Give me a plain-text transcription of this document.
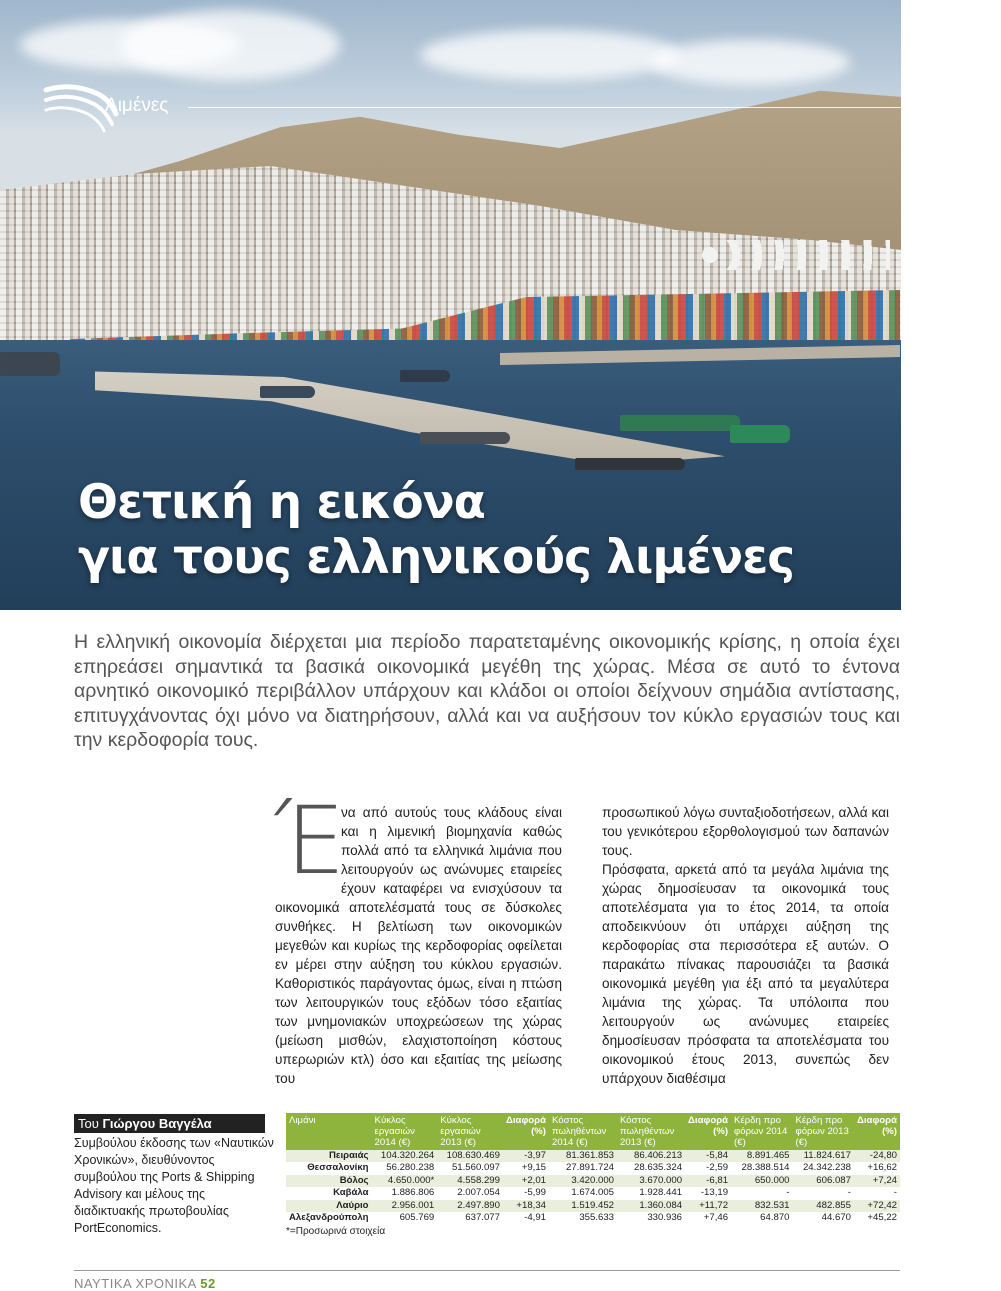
Θετική η εικόνα
για τους ελληνικούς λιμένες
Λιμένες
Η ελληνική οικονομία διέρχεται μια περίοδο παρατεταμένης οικονομικής κρίσης, η οποία έχει επηρεάσει σημαντικά τα βασικά οικονομικά μεγέθη της χώρας. Μέσα σε αυτό το έντονα αρνητικό οικονομικό περιβάλλον υπάρχουν και κλάδοι οι οποίοι δείχνουν σημάδια αντίστασης, επιτυγχάνοντας όχι μόνο να διατηρήσουν, αλλά και να αυξήσουν τον κύκλο εργασιών τους και την κερδοφορία τους.
Έ

να από αυτούς τους κλάδους είναι και η λιμενική βιομηχανία καθώς πολλά από τα ελληνικά λιμάνια που λειτουργούν ως ανώνυμες εταιρείες έχουν καταφέρει να ενισχύσουν τα οικονομικά αποτελέσματά τους σε δύσκολες συνθήκες. Η βελτίωση των οικονομικών μεγεθών και κυρίως της κερδοφορίας οφείλεται εν μέρει στην αύξηση του κύκλου εργασιών. Καθοριστικός παράγοντας όμως, είναι η πτώση των λειτουργικών τους εξόδων τόσο εξαιτίας των μνημονιακών υποχρεώσεων της χώρας (μείωση μισθών, ελαχιστοποίηση κόστους υπερωριών κτλ) όσο και εξαιτίας της μείωσης του

προσωπικού λόγω συνταξιοδοτήσεων, αλλά και του γενικότερου εξορθολογισμού των δαπανών τους.

Πρόσφατα, αρκετά από τα μεγάλα λιμάνια της χώρας δημοσίευσαν τα οικονομικά τους αποτελέσματα για το έτος 2014, τα οποία αποδεικνύουν ότι υπάρχει αύξηση της κερδοφορίας στα περισσότερα εξ αυτών. Ο παρακάτω πίνακας παρουσιάζει τα βασικά οικονομικά μεγέθη για έξι από τα μεγαλύτερα λιμάνια της χώρας. Τα υπόλοιπα που λειτουργούν ως ανώνυμες εταιρείες δημοσίευσαν πρόσφατα τα αποτελέσματα του οικονομικού έτους 2013, συνεπώς δεν υπάρχουν διαθέσιμα

Του Γιώργου Βαγγέλα
Συμβούλου έκδοσης των «Ναυτικών Χρονικών», διευθύνοντος συμβούλου της Ports & Shipping Advisory και μέλους της διαδικτυακής πρωτοβουλίας PortEconomics.
Λιμάνι	Κύκλος εργασιών 2014 (€)	Κύκλος εργασιών 2013 (€)	Διαφορά (%)	Κόστος πωληθέντων 2014 (€)	Κόστος πωληθέντων 2013 (€)	Διαφορά (%)	Κέρδη προ φόρων 2014 (€)	Κέρδη προ φόρων 2013 (€)	Διαφορά (%)
Πειραιάς	104.320.264	108.630.469	-3,97	81.361.853	86.406.213	-5,84	8.891.465	11.824.617	-24,80
Θεσσαλονίκη	56.280.238	51.560.097	+9,15	27.891.724	28.635.324	-2,59	28.388.514	24.342.238	+16,62
Βόλος	4.650.000*	4.558.299	+2,01	3.420.000	3.670.000	-6,81	650.000	606.087	+7,24
Καβάλα	1.886.806	2.007.054	-5,99	1.674.005	1.928.441	-13,19	-	-	-
Λαύριο	2.956.001	2.497.890	+18,34	1.519.452	1.360.084	+11,72	832.531	482.855	+72,42
Αλεξανδρούπολη	605.769	637.077	-4,91	355.633	330.936	+7,46	64.870	44.670	+45,22
*=Προσωρινά στοιχεία
ΝΑΥΤΙΚΑ ΧΡΟΝΙΚΑ 52
